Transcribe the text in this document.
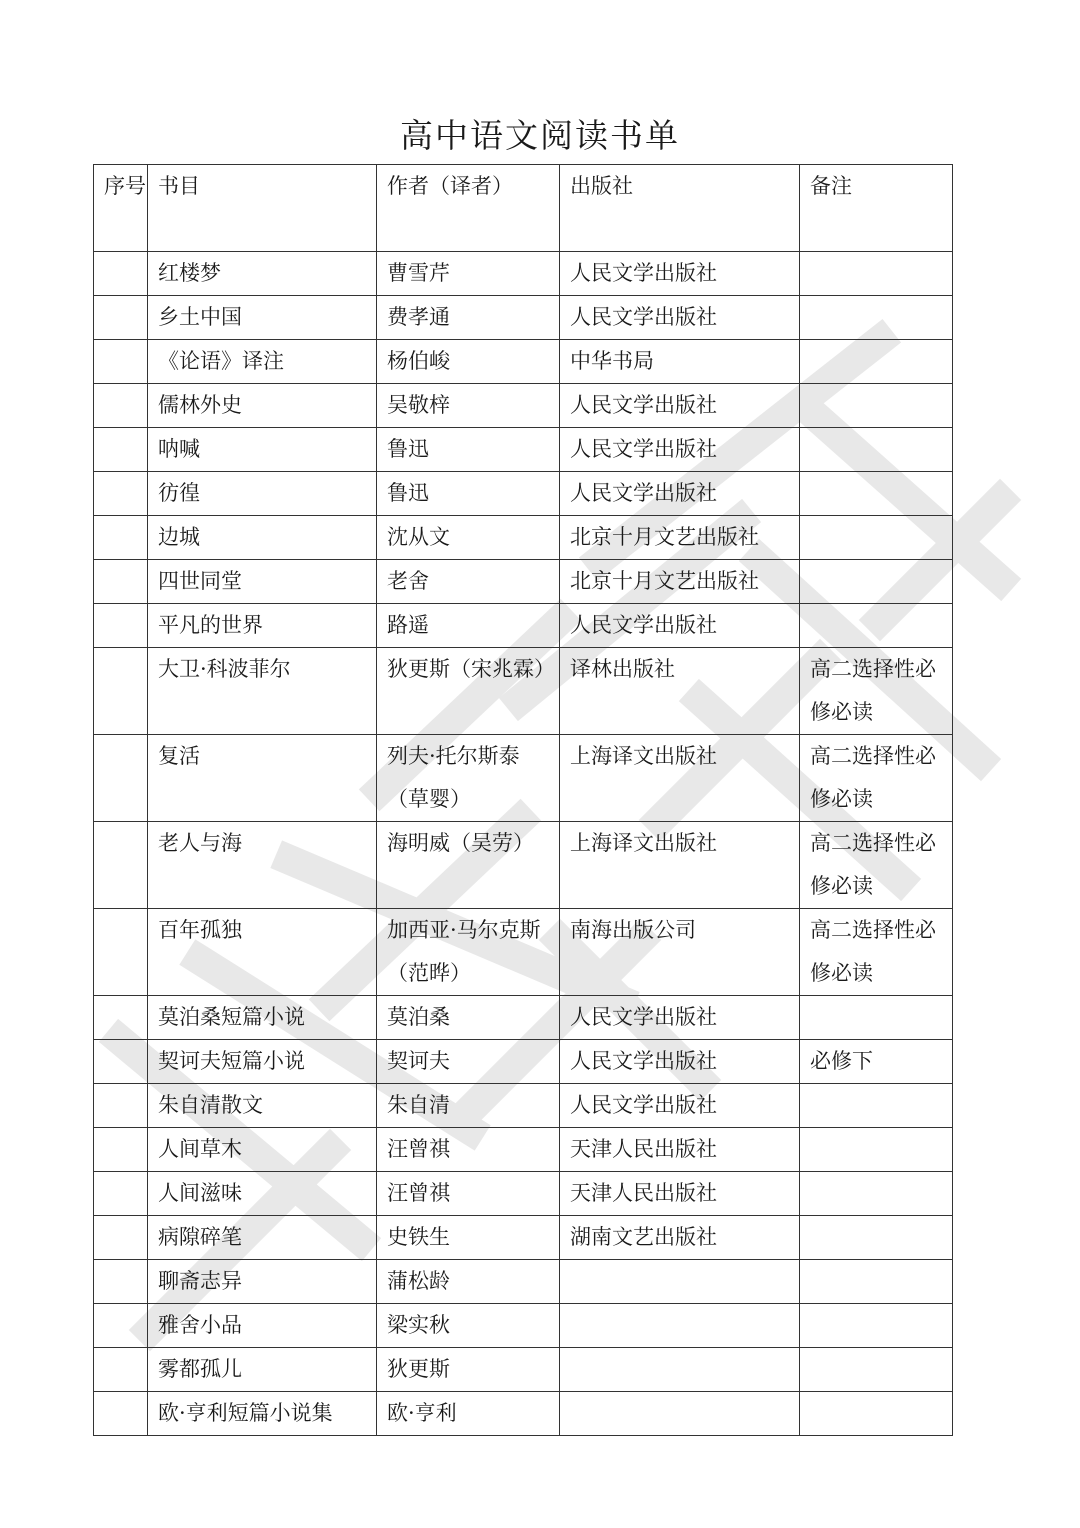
高中语文阅读书单
序号	书目	作者（译者）	出版社	备注
	红楼梦	曹雪芹	人民文学出版社	
	乡土中国	费孝通	人民文学出版社	
	《论语》译注	杨伯峻	中华书局	
	儒林外史	吴敬梓	人民文学出版社	
	呐喊	鲁迅	人民文学出版社	
	彷徨	鲁迅	人民文学出版社	
	边城	沈从文	北京十月文艺出版社	
	四世同堂	老舍	北京十月文艺出版社	
	平凡的世界	路遥	人民文学出版社	
	大卫·科波菲尔	狄更斯（宋兆霖）	译林出版社	高二选择性必修必读
	复活	列夫·托尔斯泰（草婴）	上海译文出版社	高二选择性必修必读
	老人与海	海明威（吴劳）	上海译文出版社	高二选择性必修必读
	百年孤独	加西亚·马尔克斯（范晔）	南海出版公司	高二选择性必修必读
	莫泊桑短篇小说	莫泊桑	人民文学出版社	
	契诃夫短篇小说	契诃夫	人民文学出版社	必修下
	朱自清散文	朱自清	人民文学出版社	
	人间草木	汪曾祺	天津人民出版社	
	人间滋味	汪曾祺	天津人民出版社	
	病隙碎笔	史铁生	湖南文艺出版社	
	聊斋志异	蒲松龄		
	雅舍小品	梁实秋		
	雾都孤儿	狄更斯		
	欧·亨利短篇小说集	欧·亨利		
